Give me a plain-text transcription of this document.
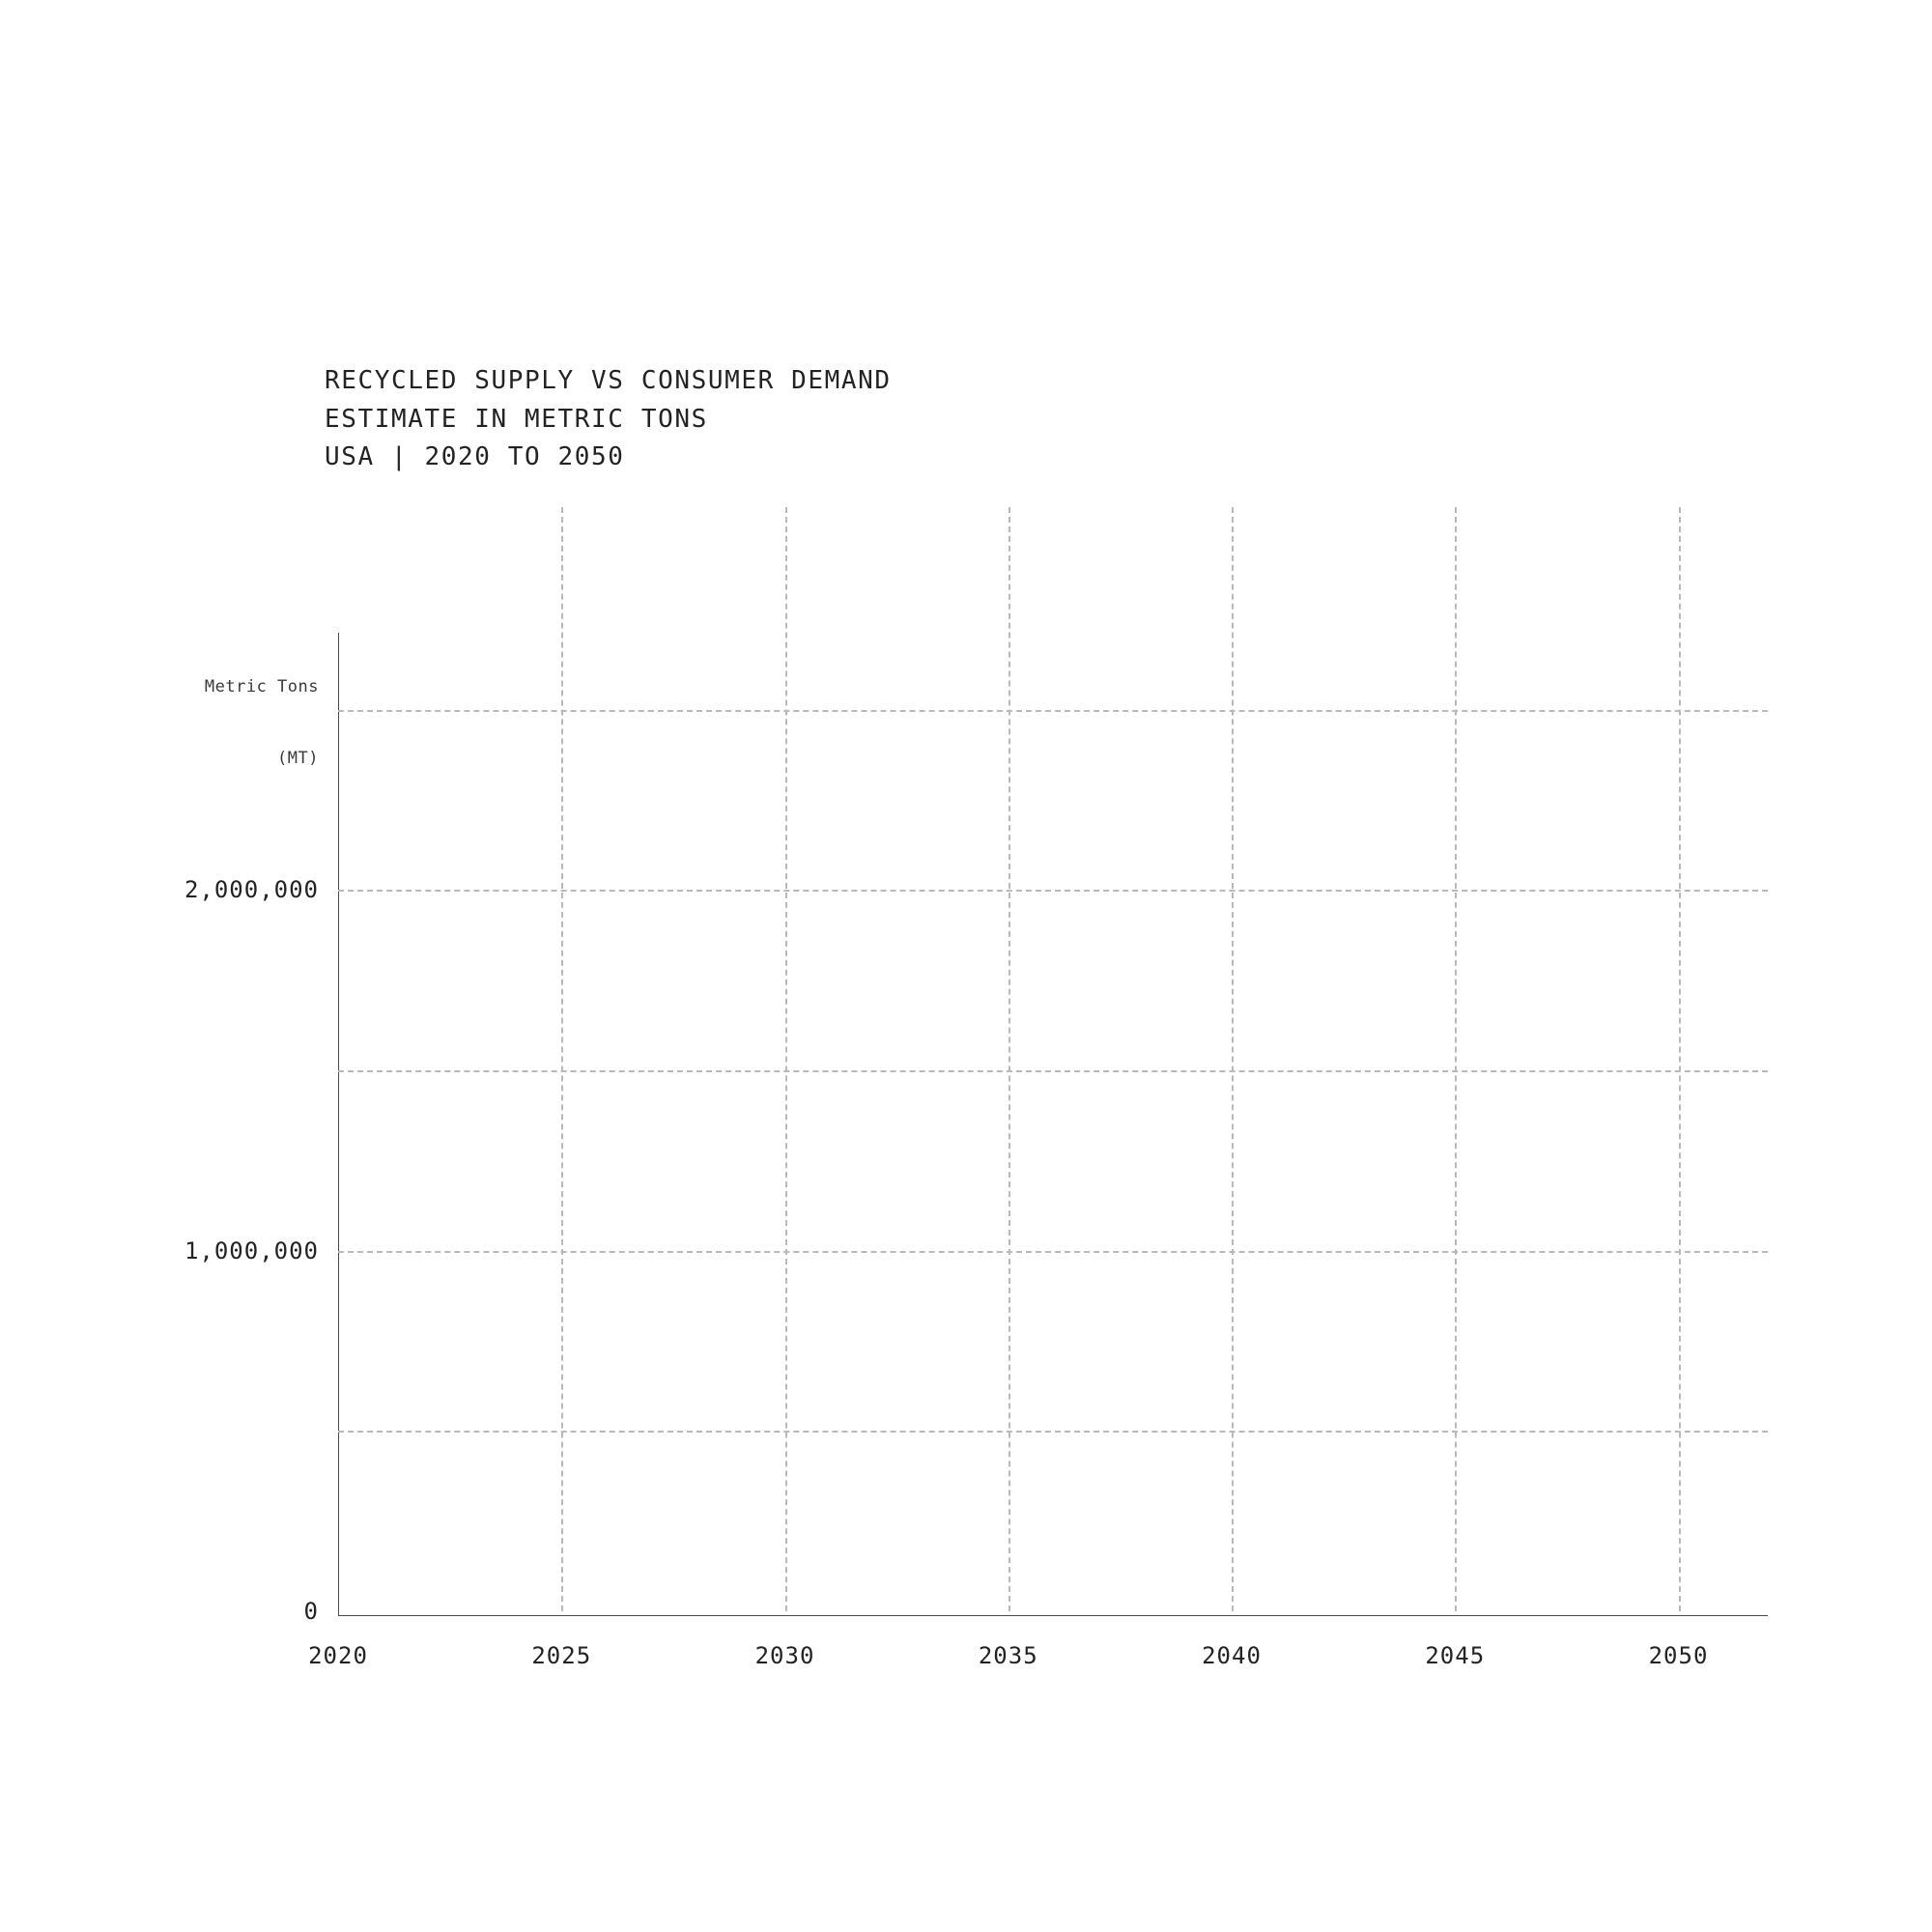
RECYCLED SUPPLY VS CONSUMER DEMAND
ESTIMATE IN METRIC TONS
USA | 2020 TO 2050

Metric Tons

(MT)

0
1,000,000
2,000,000
2020	2025	2030	2035	2040	2045	2050
